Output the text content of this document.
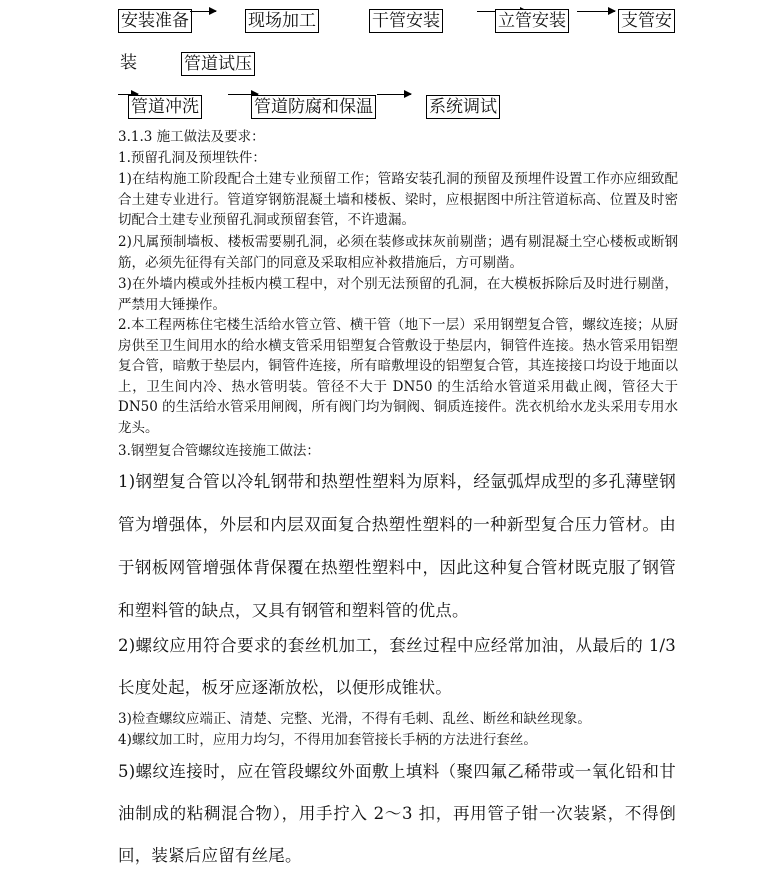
安装准备	现场加工	干管安装	立管安装	支管安
装	管道试压
管道冲洗	管道防腐和保温	系统调试

3.1.3 施工做法及要求：

1.预留孔洞及预埋铁件：

1)在结构施工阶段配合土建专业预留工作；管路安装孔洞的预留及预埋件设置工作亦应细致配合土建专业进行。管道穿钢筋混凝土墙和楼板、梁时，应根据图中所注管道标高、位置及时密切配合土建专业预留孔洞或预留套管，不许遗漏。

2)凡属预制墙板、楼板需要剔孔洞，必须在装修或抹灰前剔凿；遇有剔混凝土空心楼板或断钢筋，必须先征得有关部门的同意及采取相应补救措施后，方可剔凿。

3)在外墙内模或外挂板内模工程中，对个别无法预留的孔洞，在大模板拆除后及时进行剔凿，严禁用大锤操作。

2.本工程两栋住宅楼生活给水管立管、横干管（地下一层）采用钢塑复合管，螺纹连接；从厨房供至卫生间用水的给水横支管采用铝塑复合管敷设于垫层内，铜管件连接。热水管采用铝塑复合管，暗敷于垫层内，铜管件连接，所有暗敷埋设的铝塑复合管，其连接接口均设于地面以上，卫生间内冷、热水管明装。管径不大于 DN50 的生活给水管道采用截止阀，管径大于 DN50 的生活给水管采用闸阀，所有阀门均为铜阀、铜质连接件。洗衣机给水龙头采用专用水龙头。

3.钢塑复合管螺纹连接施工做法：

1)钢塑复合管以冷轧钢带和热塑性塑料为原料，经氩弧焊成型的多孔薄壁钢管为增强体，外层和内层双面复合热塑性塑料的一种新型复合压力管材。由于钢板网管增强体背保覆在热塑性塑料中，因此这种复合管材既克服了钢管和塑料管的缺点，又具有钢管和塑料管的优点。

2)螺纹应用符合要求的套丝机加工，套丝过程中应经常加油，从最后的 1/3 长度处起，板牙应逐渐放松，以便形成锥状。

3)检查螺纹应端正、清楚、完整、光滑，不得有毛刺、乱丝、断丝和缺丝现象。

4)螺纹加工时，应用力均匀，不得用加套管接长手柄的方法进行套丝。

5)螺纹连接时，应在管段螺纹外面敷上填料（聚四氟乙稀带或一氧化铅和甘油制成的粘稠混合物），用手拧入 2～3 扣，再用管子钳一次装紧，不得倒回，装紧后应留有丝尾。
